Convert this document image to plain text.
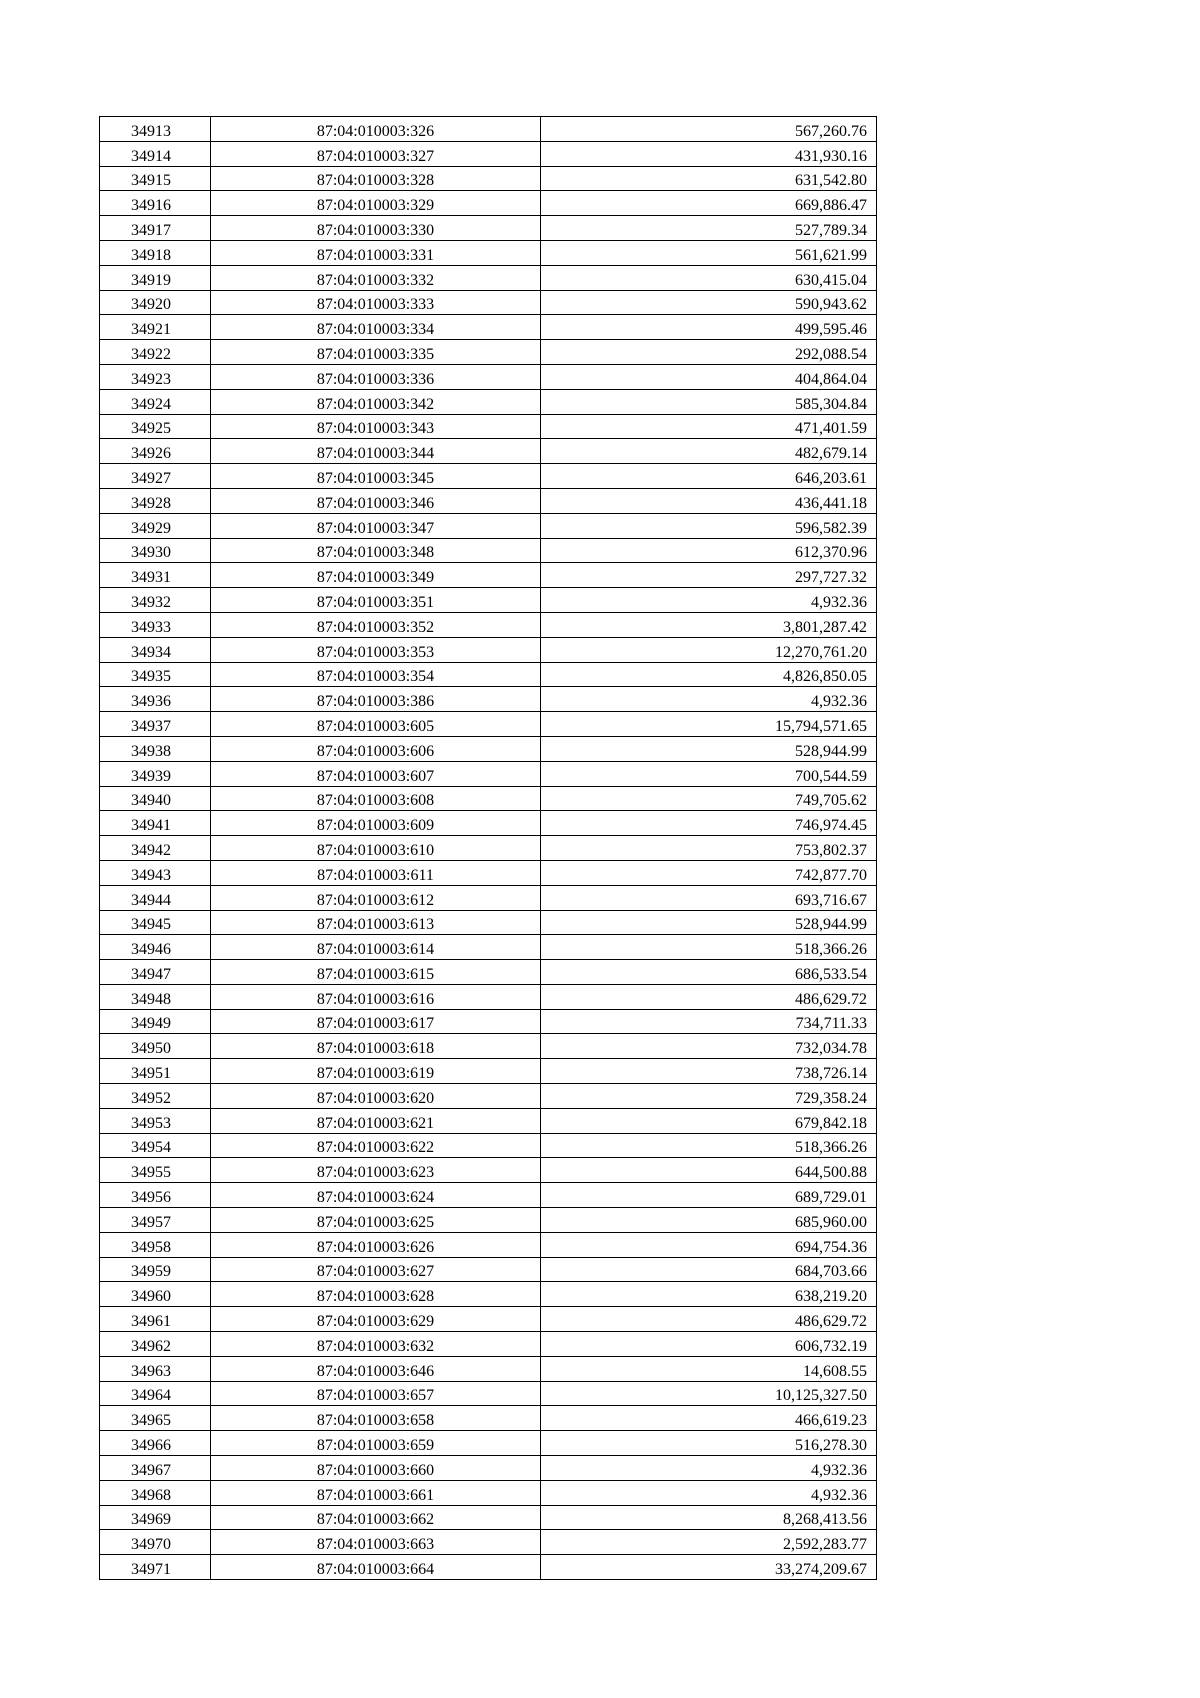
34913	87:04:010003:326	567,260.76
34914	87:04:010003:327	431,930.16
34915	87:04:010003:328	631,542.80
34916	87:04:010003:329	669,886.47
34917	87:04:010003:330	527,789.34
34918	87:04:010003:331	561,621.99
34919	87:04:010003:332	630,415.04
34920	87:04:010003:333	590,943.62
34921	87:04:010003:334	499,595.46
34922	87:04:010003:335	292,088.54
34923	87:04:010003:336	404,864.04
34924	87:04:010003:342	585,304.84
34925	87:04:010003:343	471,401.59
34926	87:04:010003:344	482,679.14
34927	87:04:010003:345	646,203.61
34928	87:04:010003:346	436,441.18
34929	87:04:010003:347	596,582.39
34930	87:04:010003:348	612,370.96
34931	87:04:010003:349	297,727.32
34932	87:04:010003:351	4,932.36
34933	87:04:010003:352	3,801,287.42
34934	87:04:010003:353	12,270,761.20
34935	87:04:010003:354	4,826,850.05
34936	87:04:010003:386	4,932.36
34937	87:04:010003:605	15,794,571.65
34938	87:04:010003:606	528,944.99
34939	87:04:010003:607	700,544.59
34940	87:04:010003:608	749,705.62
34941	87:04:010003:609	746,974.45
34942	87:04:010003:610	753,802.37
34943	87:04:010003:611	742,877.70
34944	87:04:010003:612	693,716.67
34945	87:04:010003:613	528,944.99
34946	87:04:010003:614	518,366.26
34947	87:04:010003:615	686,533.54
34948	87:04:010003:616	486,629.72
34949	87:04:010003:617	734,711.33
34950	87:04:010003:618	732,034.78
34951	87:04:010003:619	738,726.14
34952	87:04:010003:620	729,358.24
34953	87:04:010003:621	679,842.18
34954	87:04:010003:622	518,366.26
34955	87:04:010003:623	644,500.88
34956	87:04:010003:624	689,729.01
34957	87:04:010003:625	685,960.00
34958	87:04:010003:626	694,754.36
34959	87:04:010003:627	684,703.66
34960	87:04:010003:628	638,219.20
34961	87:04:010003:629	486,629.72
34962	87:04:010003:632	606,732.19
34963	87:04:010003:646	14,608.55
34964	87:04:010003:657	10,125,327.50
34965	87:04:010003:658	466,619.23
34966	87:04:010003:659	516,278.30
34967	87:04:010003:660	4,932.36
34968	87:04:010003:661	4,932.36
34969	87:04:010003:662	8,268,413.56
34970	87:04:010003:663	2,592,283.77
34971	87:04:010003:664	33,274,209.67
